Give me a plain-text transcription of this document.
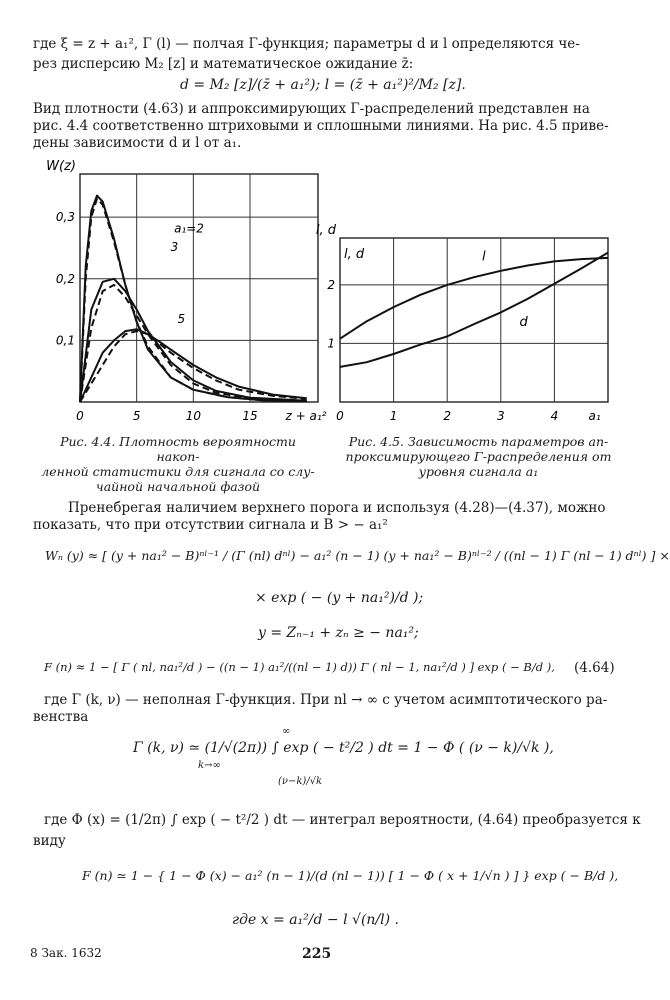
где ξ = z + a₁², Γ (l) — полчая Γ-функция; параметры d и l определяются че-
рез дисперсию M₂ [z] и математическое ожидание z̄:
d = M₂ [z]/(z̄ + a₁²); l = (z̄ + a₁²)²/M₂ [z].
Вид плотности (4.63) и аппроксимирующих Γ-распределений представлен на
рис. 4.4 соответственно штриховыми и сплошными линиями. На рис. 4.5 приве-
дены зависимости d и l от a₁.
0	5	10	15
0,1
0,2
0,3
W(z)
z + a₁²
a₁=2
3
5
0	1	2	3	4	a₁
1
2
l, d
l
d
l, d
Рис. 4.4. Плотность вероятности накоп-
ленной статистики для сигнала со слу-
чайной начальной фазой
Рис. 4.5. Зависимость параметров ап-
проксимирующего Γ-распределения от
уровня сигнала a₁
Пренебрегая наличием верхнего порога и используя (4.28)—(4.37), можно
показать, что при отсутствии сигнала и B > − a₁²
Wₙ (y) ≈ [ (y + na₁² − B)ⁿˡ⁻¹ / (Γ (nl) dⁿˡ) − a₁² (n − 1) (y + na₁² − B)ⁿˡ⁻² / ((nl − 1) Γ (nl − 1) dⁿˡ) ] ×
× exp ( − (y + na₁²)/d );
y = Zₙ₋₁ + zₙ ≥ − na₁²;
F (n) ≈ 1 − [ Γ ( nl, na₁²/d ) − ((n − 1) a₁²/((nl − 1) d)) Γ ( nl − 1, na₁²/d ) ] exp ( − B/d ), (4.64)
где Γ (k, ν) — неполная Γ-функция. При nl → ∞ с учетом асимптотического ра-
венства
Γ (k, ν) ≃ (1/√(2π)) ∫ exp ( − t²/2 ) dt = 1 − Φ ( (ν − k)/√k ),
k→∞
∞
(ν−k)/√k
где Φ (x) = (1/2π) ∫ exp ( − t²/2 ) dt — интеграл вероятности, (4.64) преобразуется к
виду
F (n) ≃ 1 − { 1 − Φ (x) − a₁² (n − 1)/(d (nl − 1)) [ 1 − Φ ( x + 1/√n ) ] } exp ( − B/d ),
где x = a₁²/d − l √(n/l) .
8 Зак. 1632	225
